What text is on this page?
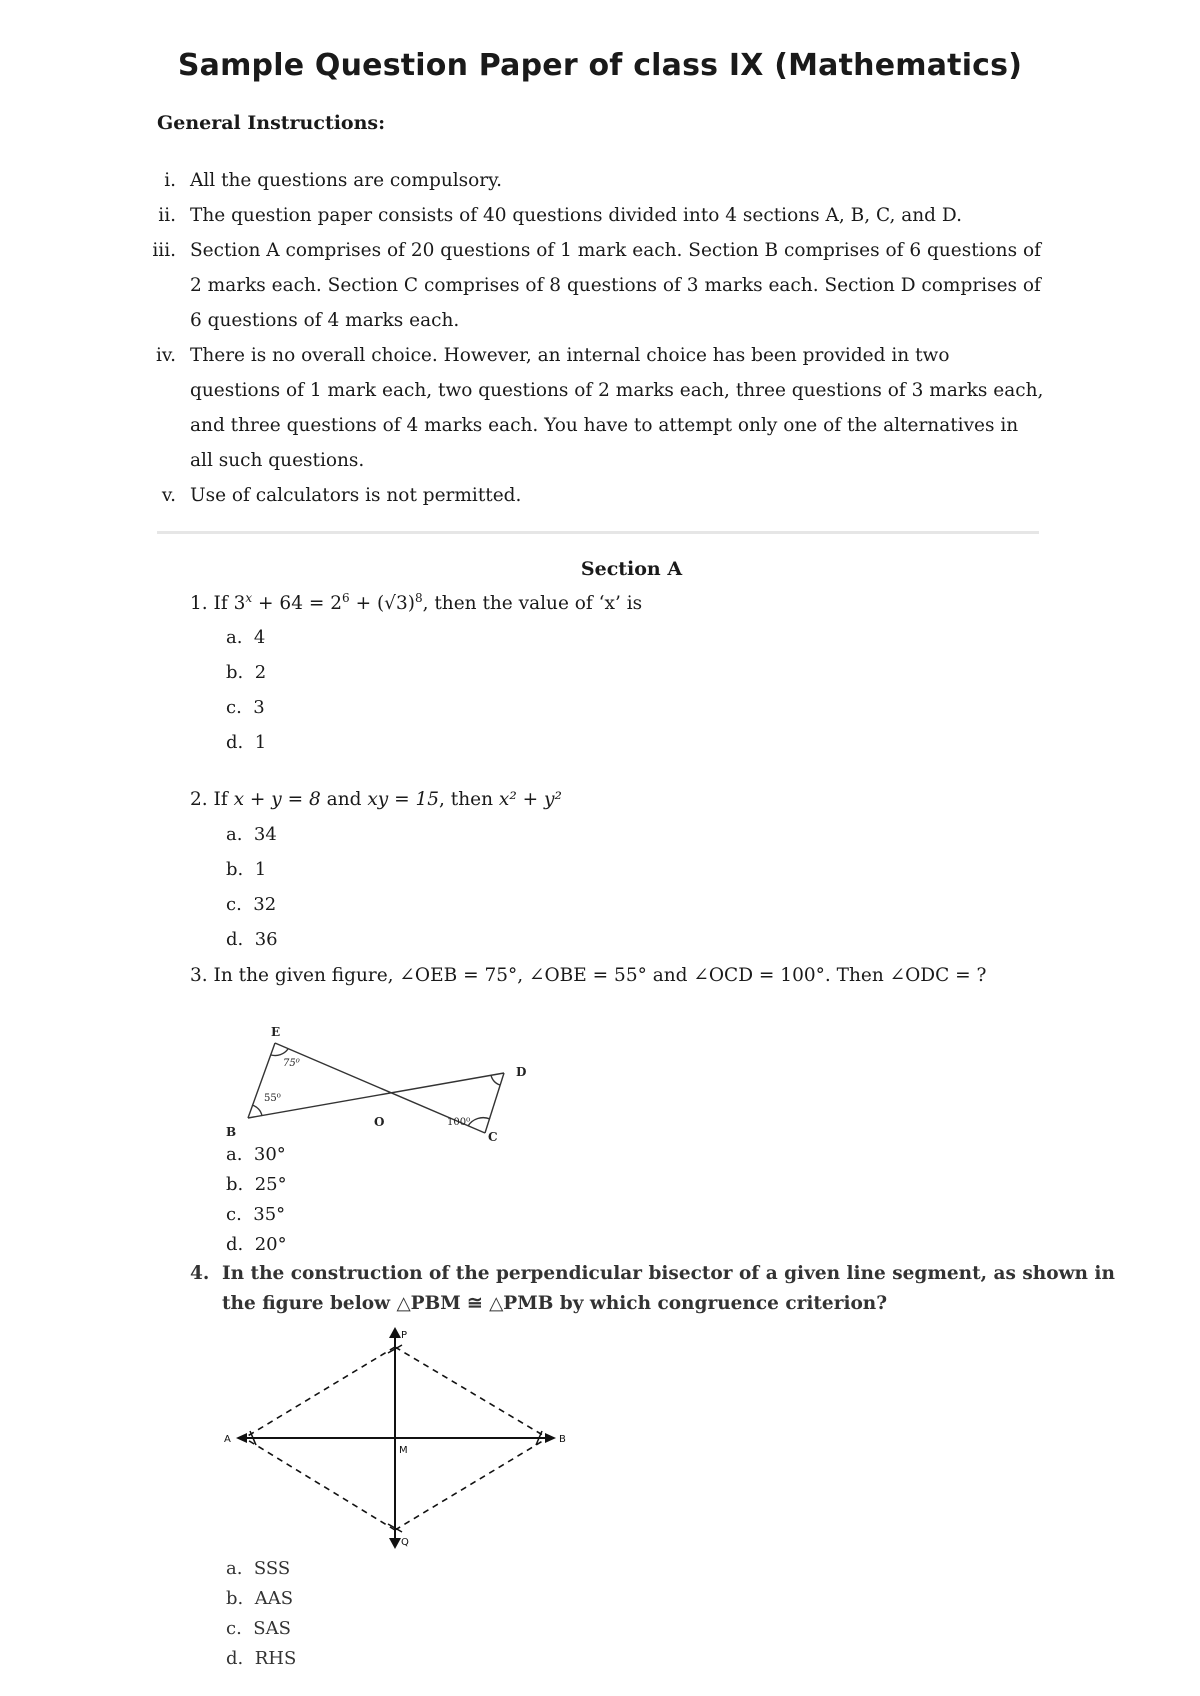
Sample Question Paper of class IX (Mathematics)
General Instructions:
i. All the questions are compulsory.
ii. The question paper consists of 40 questions divided into 4 sections A, B, C, and D.
iii. Section A comprises of 20 questions of 1 mark each. Section B comprises of 6 questions of
2 marks each. Section C comprises of 8 questions of 3 marks each. Section D comprises of
6 questions of 4 marks each.
iv. There is no overall choice. However, an internal choice has been provided in two
questions of 1 mark each, two questions of 2 marks each, three questions of 3 marks each,
and three questions of 4 marks each. You have to attempt only one of the alternatives in
all such questions.
v. Use of calculators is not permitted.
Section A
1. If $3^x + 64 = 2^6 + (√3)^8$, then the value of ‘x’ is
a. 4
b. 2
c. 3
d. 1
2. If x + y = 8 and xy = 15, then x² + y²
a. 34
b. 1
c. 32
d. 36
3. In the given figure, ∠OEB = 75°, ∠OBE = 55° and ∠OCD = 100°. Then ∠ODC = ?
E
D
B
O
C
75⁰
55⁰
100⁰
a. 30°
b. 25°
c. 35°
d. 20°
4. In the construction of the perpendicular bisector of a given line segment, as shown in
the figure below △PBM ≅ △PMB by which congruence criterion?
P
A	B
M
Q
a. SSS
b. AAS
c. SAS
d. RHS
